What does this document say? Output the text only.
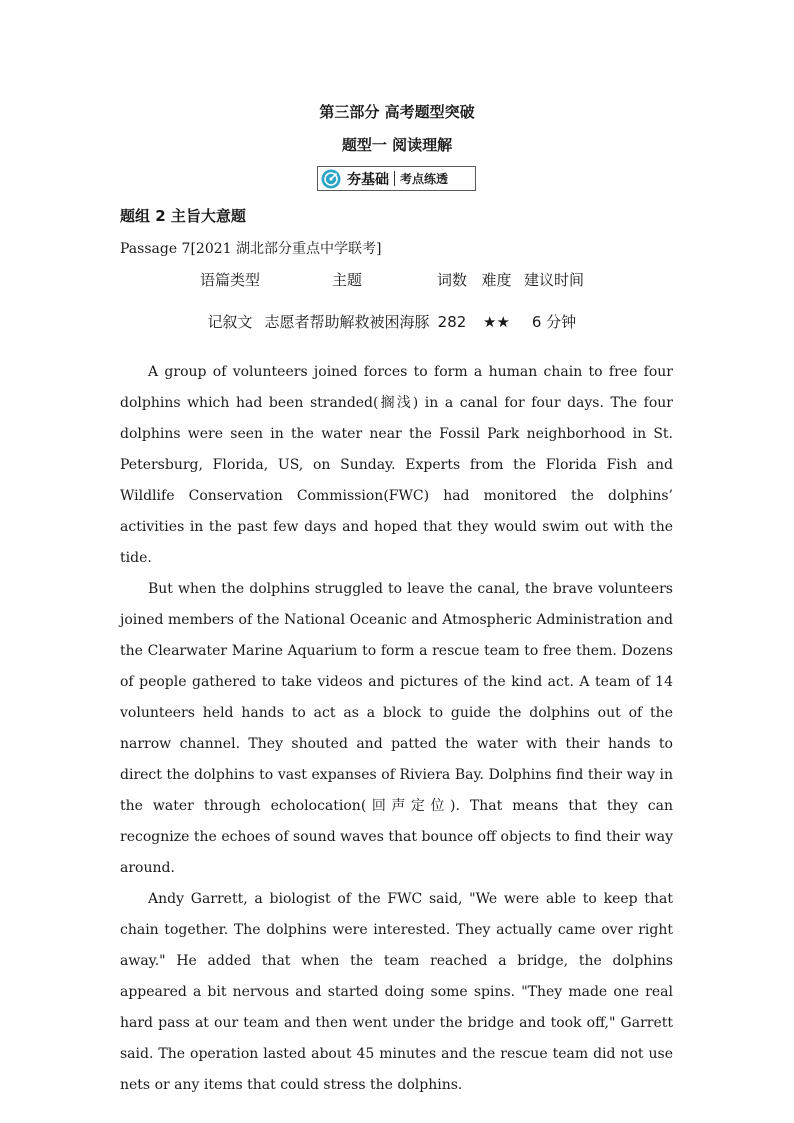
第三部分 高考题型突破
题型一 阅读理解
夯基础 考点练透
题组 2 主旨大意题
Passage 7[2021 湖北部分重点中学联考]
语篇类型	主题	词数	难度	建议时间
记叙文	志愿者帮助解救被困海豚	282	★★	6 分钟

A group of volunteers joined forces to form a human chain to free four dolphins which had been stranded(搁浅) in a canal for four days. The four dolphins were seen in the water near the Fossil Park neighborhood in St. Petersburg, Florida, US, on Sunday. Experts from the Florida Fish and Wildlife Conservation Commission(FWC) had monitored the dolphins’ activities in the past few days and hoped that they would swim out with the tide.

But when the dolphins struggled to leave the canal, the brave volunteers joined members of the National Oceanic and Atmospheric Administration and the Clearwater Marine Aquarium to form a rescue team to free them. Dozens of people gathered to take videos and pictures of the kind act. A team of 14 volunteers held hands to act as a block to guide the dolphins out of the narrow channel. They shouted and patted the water with their hands to direct the dolphins to vast expanses of Riviera Bay. Dolphins find their way in the water through echolocation(回声定位). That means that they can recognize the echoes of sound waves that bounce off objects to find their way around.

Andy Garrett, a biologist of the FWC said, "We were able to keep that chain together. The dolphins were interested. They actually came over right away." He added that when the team reached a bridge, the dolphins appeared a bit nervous and started doing some spins. "They made one real hard pass at our team and then went under the bridge and took off," Garrett said. The operation lasted about 45 minutes and the rescue team did not use nets or any items that could stress the dolphins.
